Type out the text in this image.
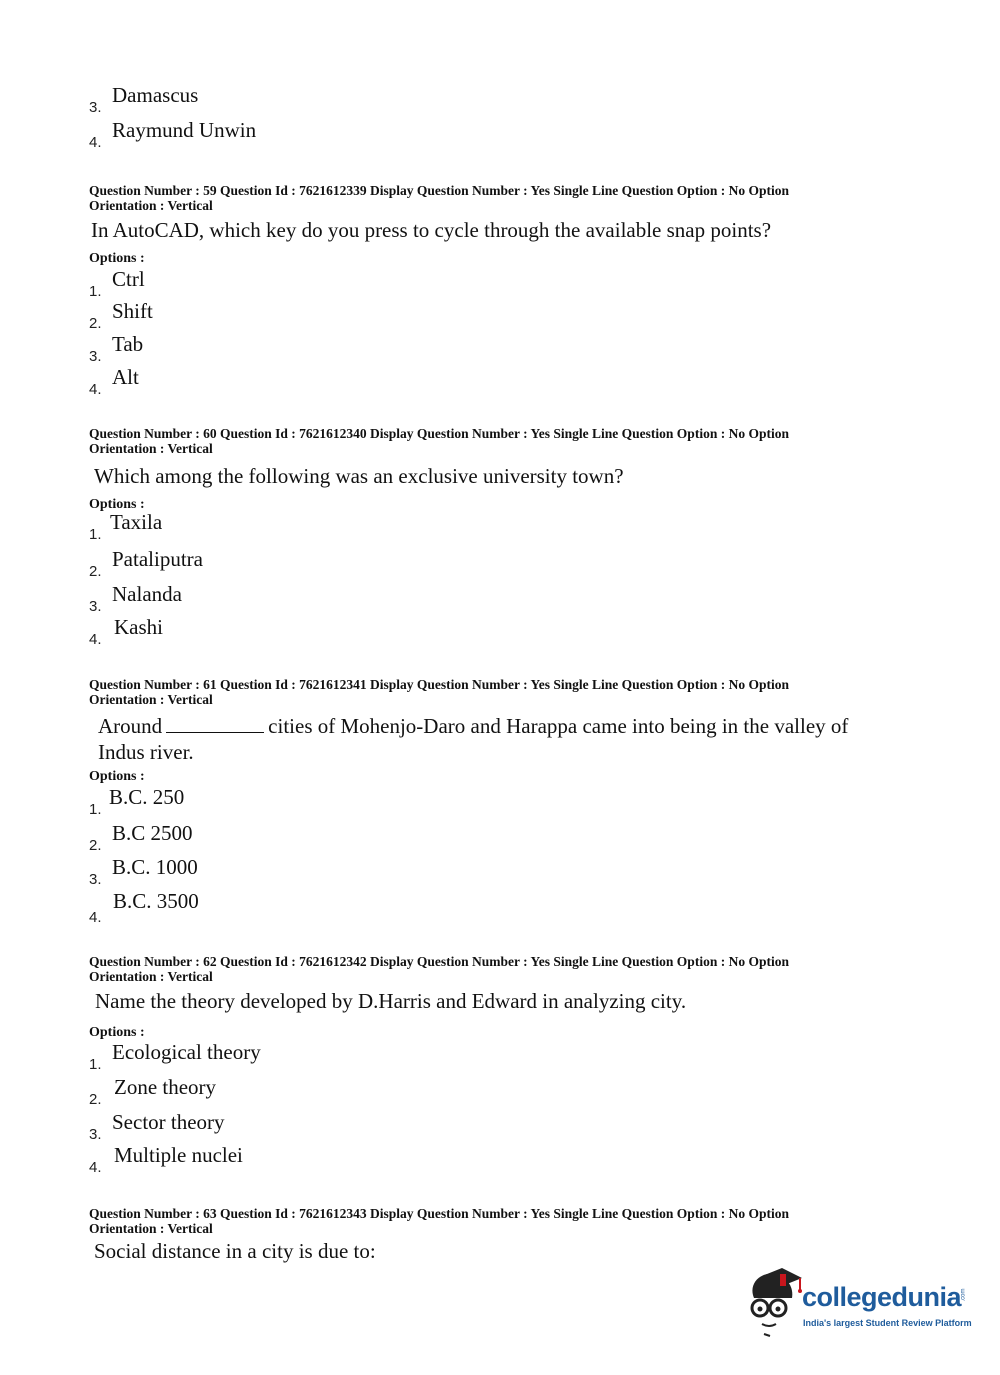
3.
Damascus
4.
Raymund Unwin
Question Number : 59 Question Id : 7621612339 Display Question Number : Yes Single Line Question Option : No Option
Orientation : Vertical
In AutoCAD, which key do you press to cycle through the available snap points?
Options :
1.
Ctrl
2.
Shift
3.
Tab
4.
Alt
Question Number : 60 Question Id : 7621612340 Display Question Number : Yes Single Line Question Option : No Option
Orientation : Vertical
Which among the following was an exclusive university town?
Options :
1.
Taxila
2.
Pataliputra
3.
Nalanda
4.
Kashi
Question Number : 61 Question Id : 7621612341 Display Question Number : Yes Single Line Question Option : No Option
Orientation : Vertical
Around	cities of Mohenjo-Daro and Harappa came into being in the valley of
Indus river.
Options :
1.
B.C. 250
2.
B.C 2500
3.
B.C. 1000
4.
B.C. 3500
Question Number : 62 Question Id : 7621612342 Display Question Number : Yes Single Line Question Option : No Option
Orientation : Vertical
Name the theory developed by D.Harris and Edward in analyzing city.
Options :
1.
Ecological theory
2.
Zone theory
3.
Sector theory
4.
Multiple nuclei
Question Number : 63 Question Id : 7621612343 Display Question Number : Yes Single Line Question Option : No Option
Orientation : Vertical
Social distance in a city is due to:
collegedunia
India's largest Student Review Platform
.com
